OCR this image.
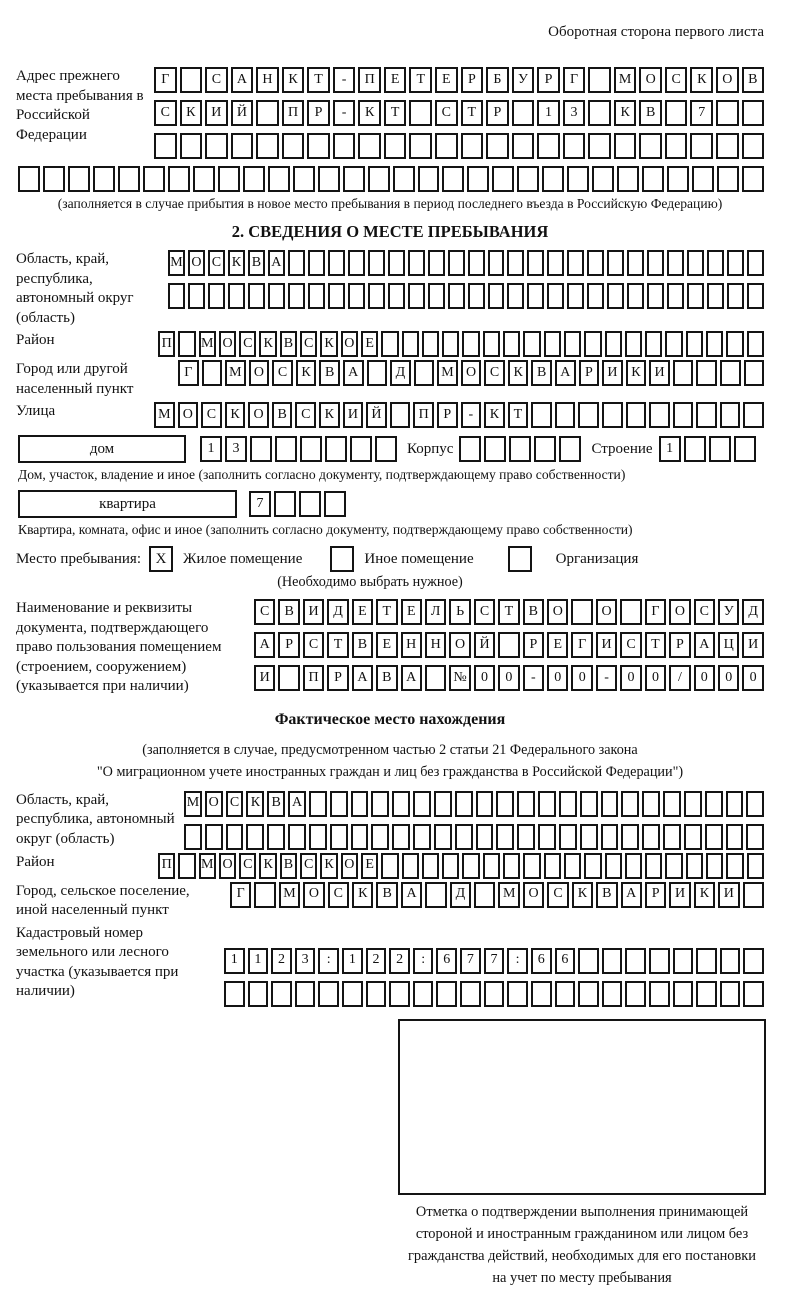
Оборотная сторона первого листа
Адрес прежнего места пребывания в Российской Федерации
Г	С	А	Н	К	Т	-	П	Е	Т	Е	Р	Б	У	Р	Г	М	О	С	К	О	В
С	К	И	Й	П	Р	-	К	Т	С	Т	Р	1	3	К	В	7
(заполняется в случае прибытия в новое место пребывания в период последнего въезда в Российскую Федерацию)
2. СВЕДЕНИЯ О МЕСТЕ ПРЕБЫВАНИЯ
Область, край, республика, автономный округ (область)
М О С К В А
Район	П М О С К В С К О Е
Город или другой населенный пункт
Г	М О С	К	В А	Д	М О С	К	В А	Р	И К И
Улица	М О С	К О В	С	К И Й	П	Р	-	К	Т
дом	1	3	Корпус	Строение 1
Дом, участок, владение и иное (заполнить согласно документу, подтверждающему право собственности)
квартира	7
Квартира, комната, офис и иное (заполнить согласно документу, подтверждающему право собственности)
Место пребывания: X	Жилое помещение	Иное помещение	Организация
(Необходимо выбрать нужное)
Наименование и реквизиты документа, подтверждающего право пользования помещением (строением, сооружением) (указывается при наличии)
С	В	И	Д	Е	Т	Е	Л	Ь	С	Т	В	О	О	Г	О	С	У	Д
А	Р	С	Т	В	Е	Н	Н	О	Й	Р	Е	Г	И	С	Т	Р	А	Ц	И
И	П	Р	А	В	А	№	0	0	-	0	0	-	0	0	/	0	0	0
Фактическое место нахождения
(заполняется в случае, предусмотренном частью 2 статьи 21 Федерального закона
"О миграционном учете иностранных граждан и лиц без гражданства в Российской Федерации")
Область, край, республика, автономный округ (область)
М О С К В А
Район	П М О С К В С К О Е
Город, сельское поселение, иной населенный пункт
Г	М О	С	К	В	А	Д	М О	С	К	В	А	Р	И	К	И
Кадастровый номер земельного или лесного участка (указывается при наличии)
1	1	2	3	:	1	2	2	:	6	7	7	:	6	6
Отметка о подтверждении выполнения принимающей
стороной и иностранным гражданином или лицом без
гражданства действий, необходимых для его постановки
на учет по месту пребывания
